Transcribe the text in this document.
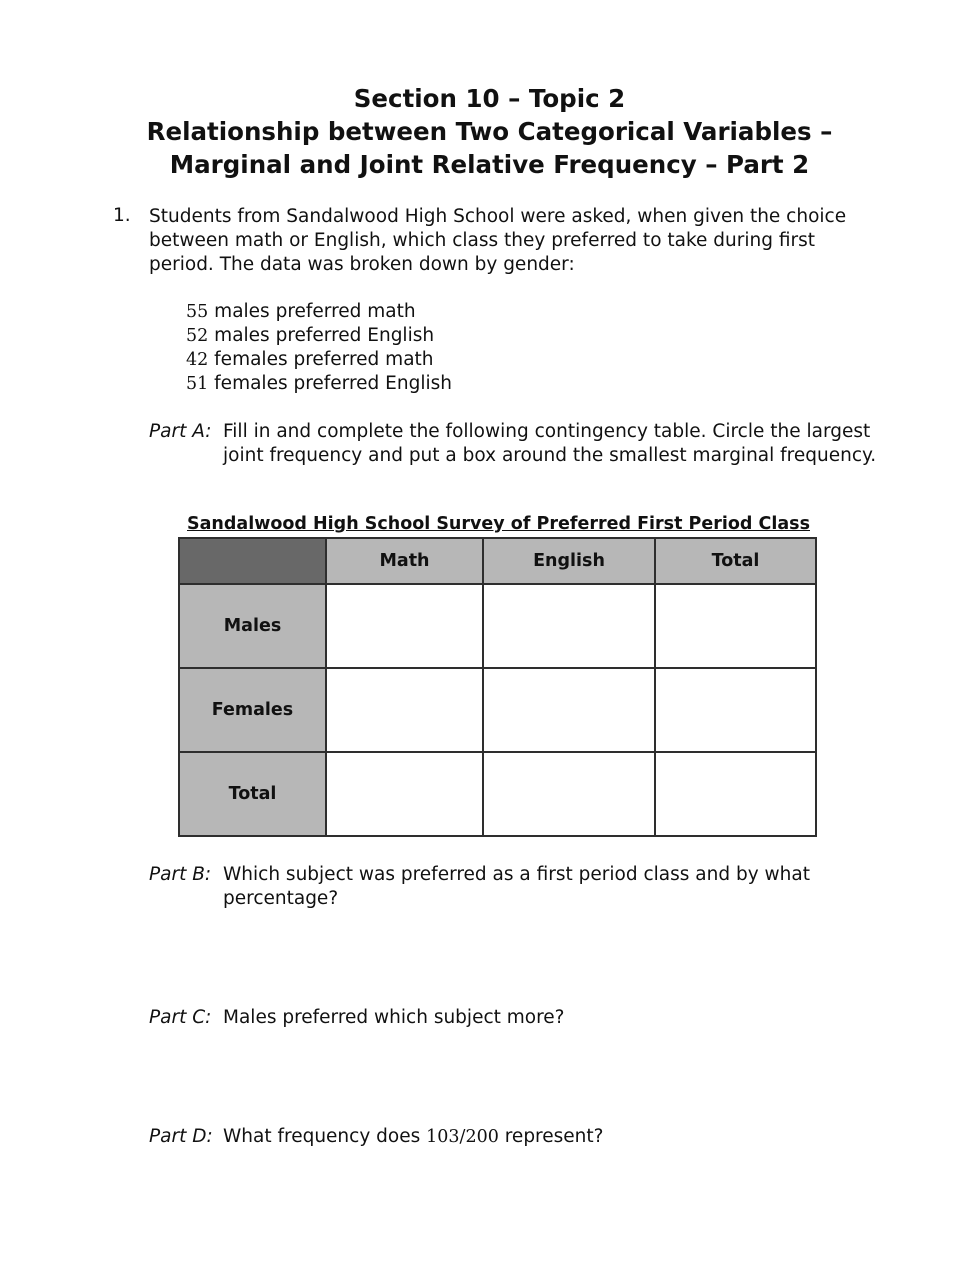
Section 10 – Topic 2
Relationship between Two Categorical Variables –
Marginal and Joint Relative Frequency – Part 2
1. Students from Sandalwood High School were asked, when given the choice between math or English, which class they preferred to take during first period. The data was broken down by gender:
55 males preferred math
52 males preferred English
42 females preferred math
51 females preferred English
Part A: Fill in and complete the following contingency table. Circle the largest joint frequency and put a box around the smallest marginal frequency.
Sandalwood High School Survey of Preferred First Period Class
	Math	English	Total
Males			
Females			
Total			
Part B: Which subject was preferred as a first period class and by what percentage?
Part C: Males preferred which subject more?
Part D: What frequency does 103/200 represent?
